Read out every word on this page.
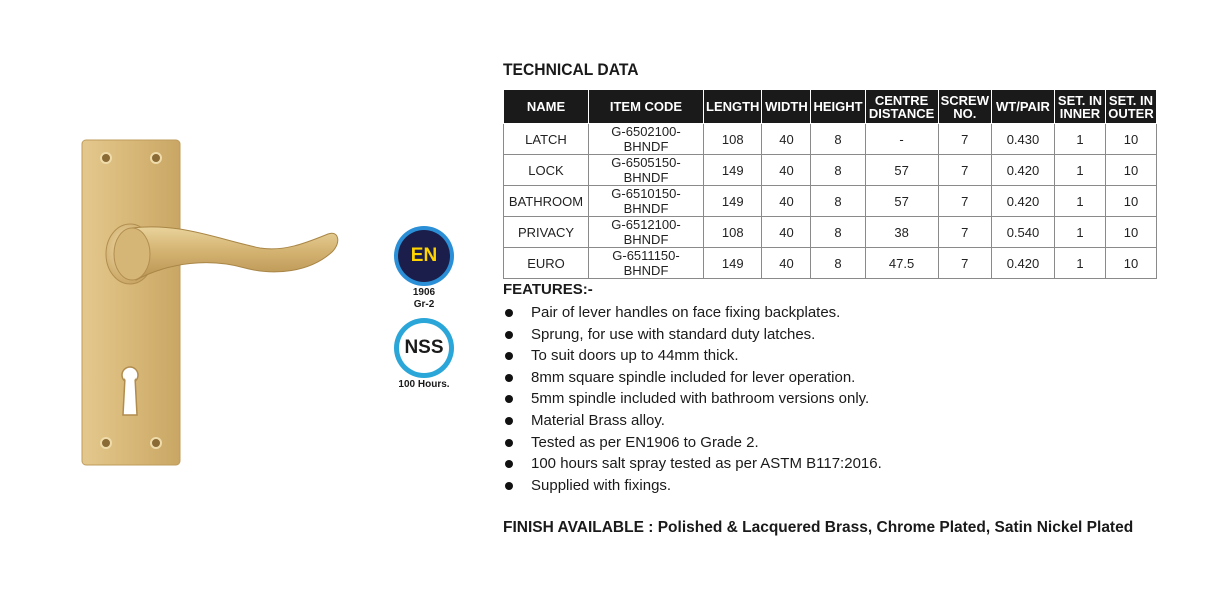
EN
1906
Gr-2
NSS
100 Hours.
TECHNICAL DATA
NAME	ITEM CODE	LENGTH	WIDTH	HEIGHT	CENTRE DISTANCE	SCREW NO.	WT/PAIR	SET. IN INNER	SET. IN OUTER
LATCH	G-6502100-BHNDF	108	40	8	-	7	0.430	1	10
LOCK	G-6505150-BHNDF	149	40	8	57	7	0.420	1	10
BATHROOM	G-6510150-BHNDF	149	40	8	57	7	0.420	1	10
PRIVACY	G-6512100-BHNDF	108	40	8	38	7	0.540	1	10
EURO	G-6511150-BHNDF	149	40	8	47.5	7	0.420	1	10
FEATURES:-
Pair of lever handles on face fixing backplates.
Sprung, for use with standard duty latches.
To suit doors up to 44mm thick.
8mm square spindle included for lever operation.
5mm spindle included with bathroom versions only.
Material Brass alloy.
Tested as per EN1906 to Grade 2.
100 hours salt spray tested as per ASTM B117:2016.
Supplied with fixings.
FINISH AVAILABLE : Polished & Lacquered Brass, Chrome Plated, Satin Nickel Plated
